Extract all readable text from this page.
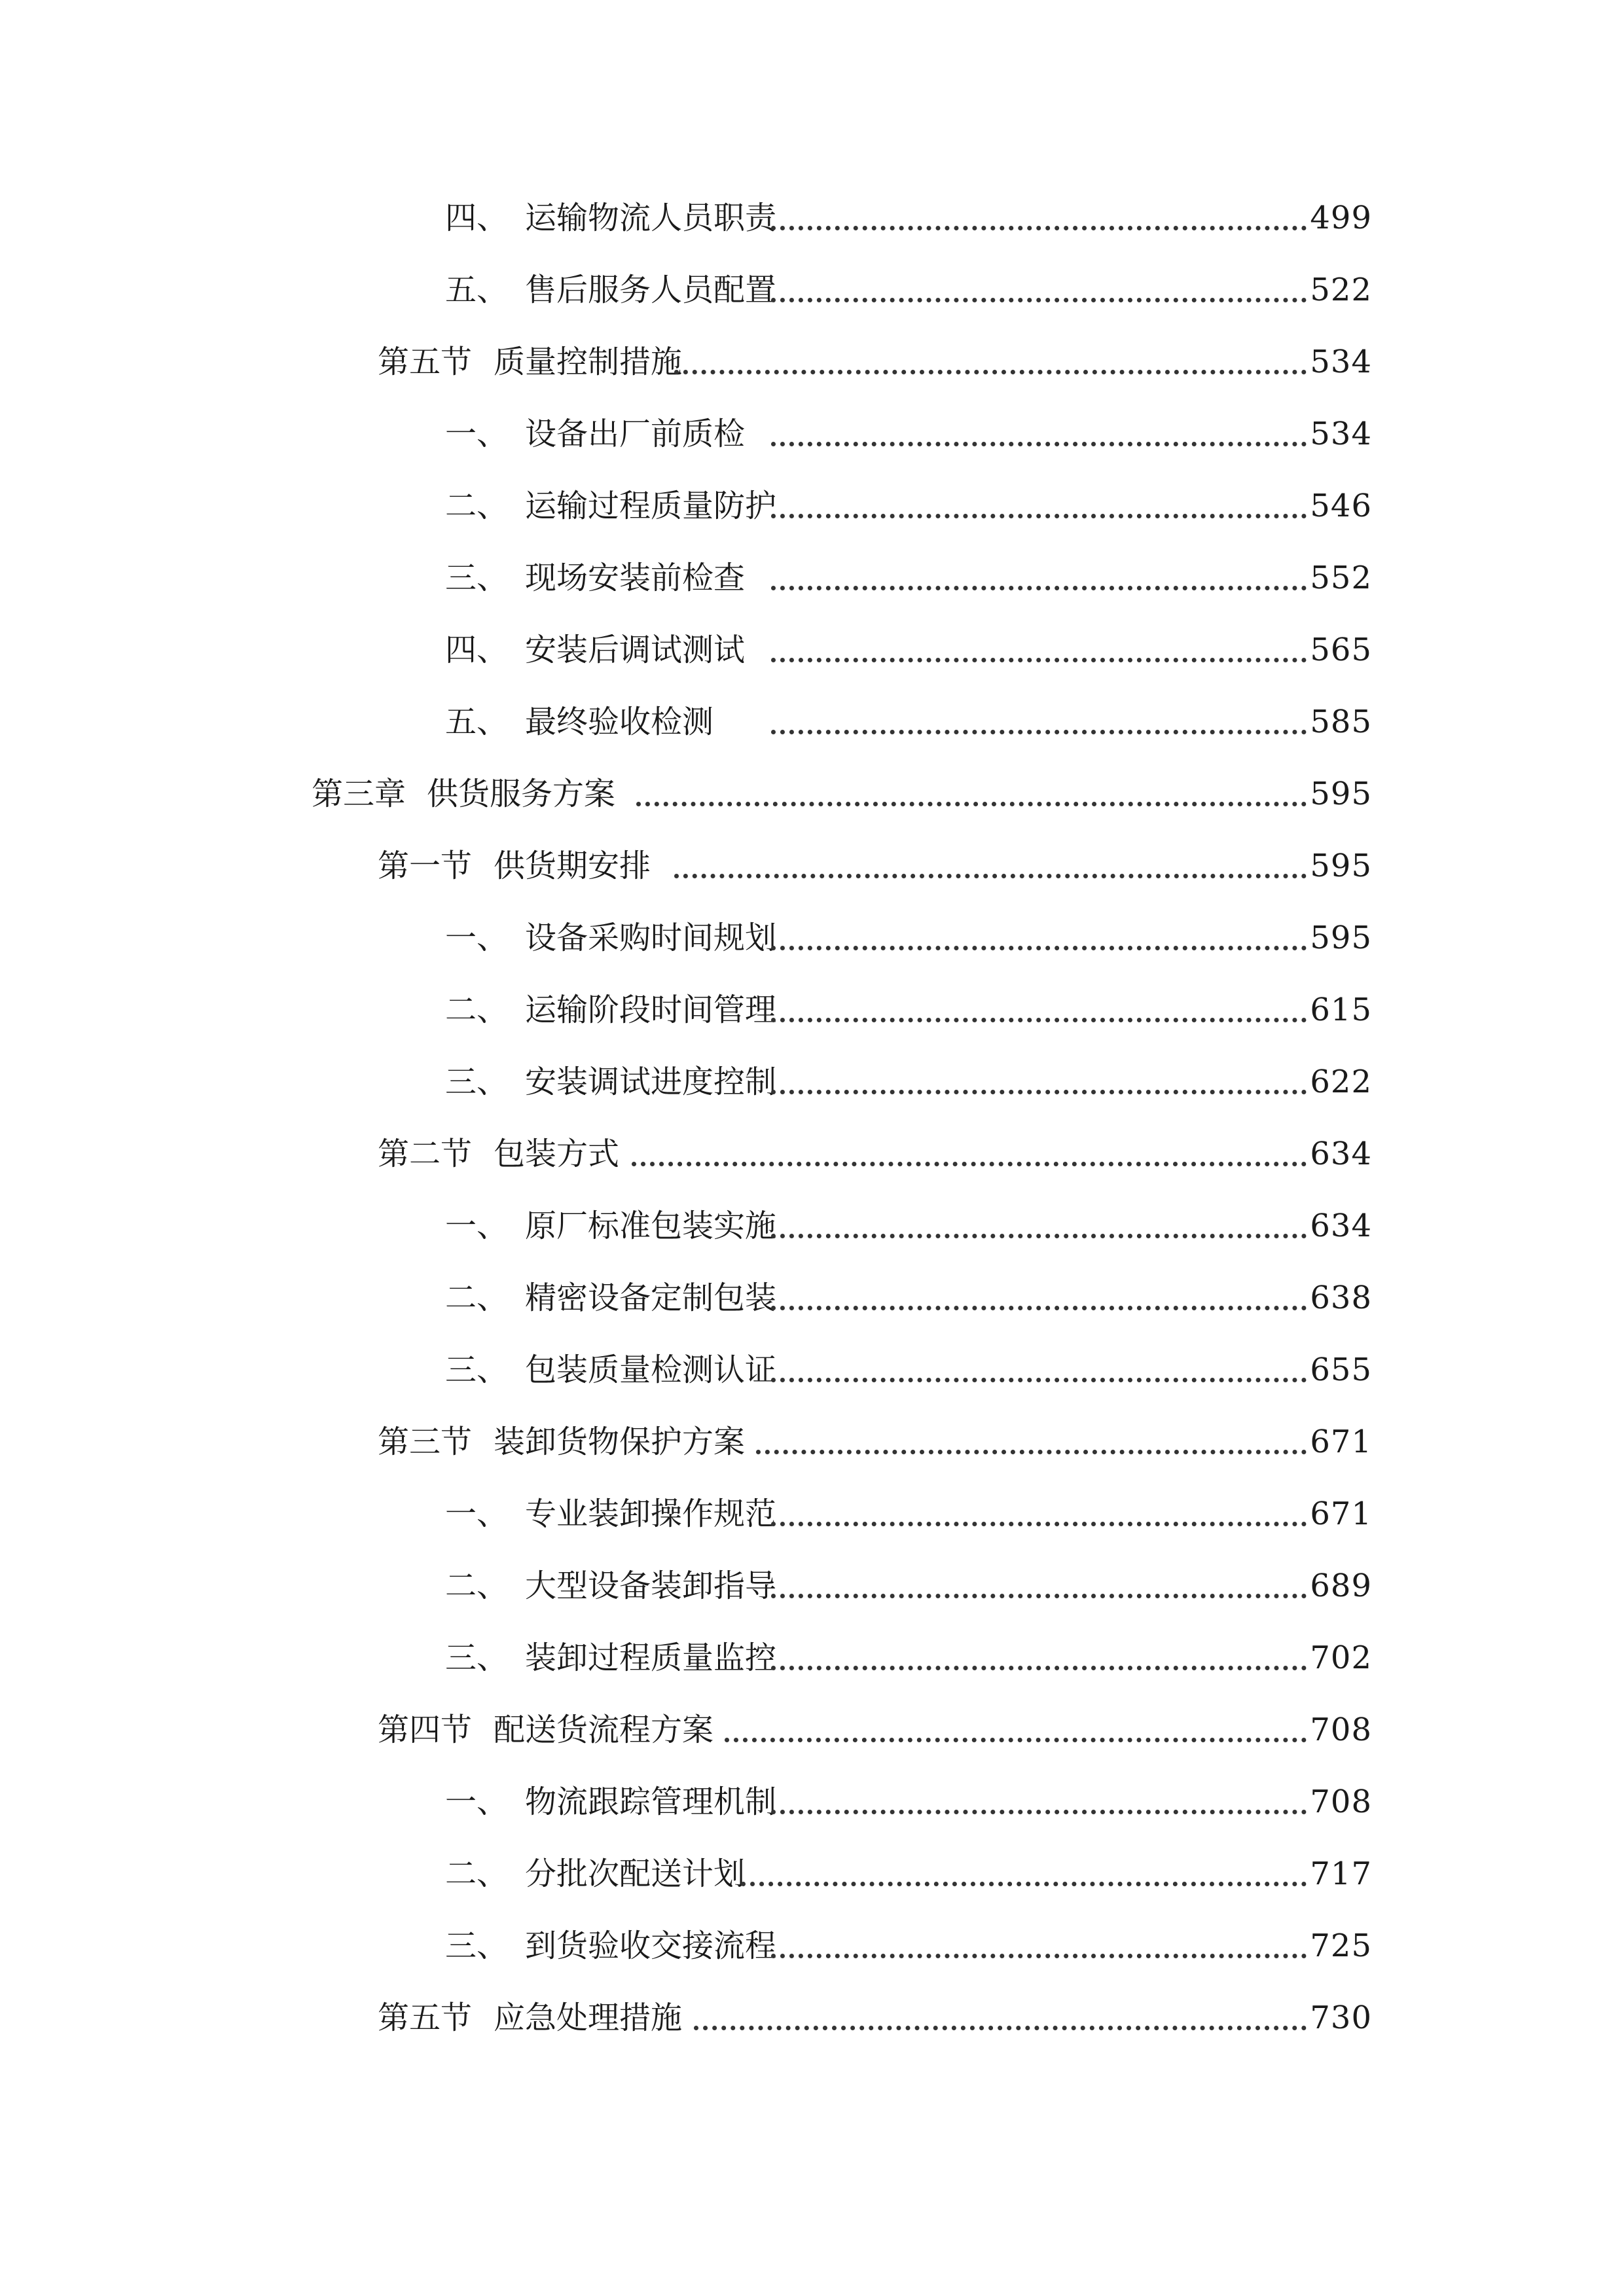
四、 运输物流人员职责	499
五、 售后服务人员配置	522
第五节 质量控制措施	534
一、 设备出厂前质检	534
二、 运输过程质量防护	546
三、 现场安装前检查	552
四、 安装后调试测试	565
五、 最终验收检测	585
第三章 供货服务方案	595
第一节 供货期安排	595
一、 设备采购时间规划	595
二、 运输阶段时间管理	615
三、 安装调试进度控制	622
第二节 包装方式	634
一、 原厂标准包装实施	634
二、 精密设备定制包装	638
三、 包装质量检测认证	655
第三节 装卸货物保护方案	671
一、 专业装卸操作规范	671
二、 大型设备装卸指导	689
三、 装卸过程质量监控	702
第四节 配送货流程方案	708
一、 物流跟踪管理机制	708
二、 分批次配送计划	717
三、 到货验收交接流程	725
第五节 应急处理措施	730
